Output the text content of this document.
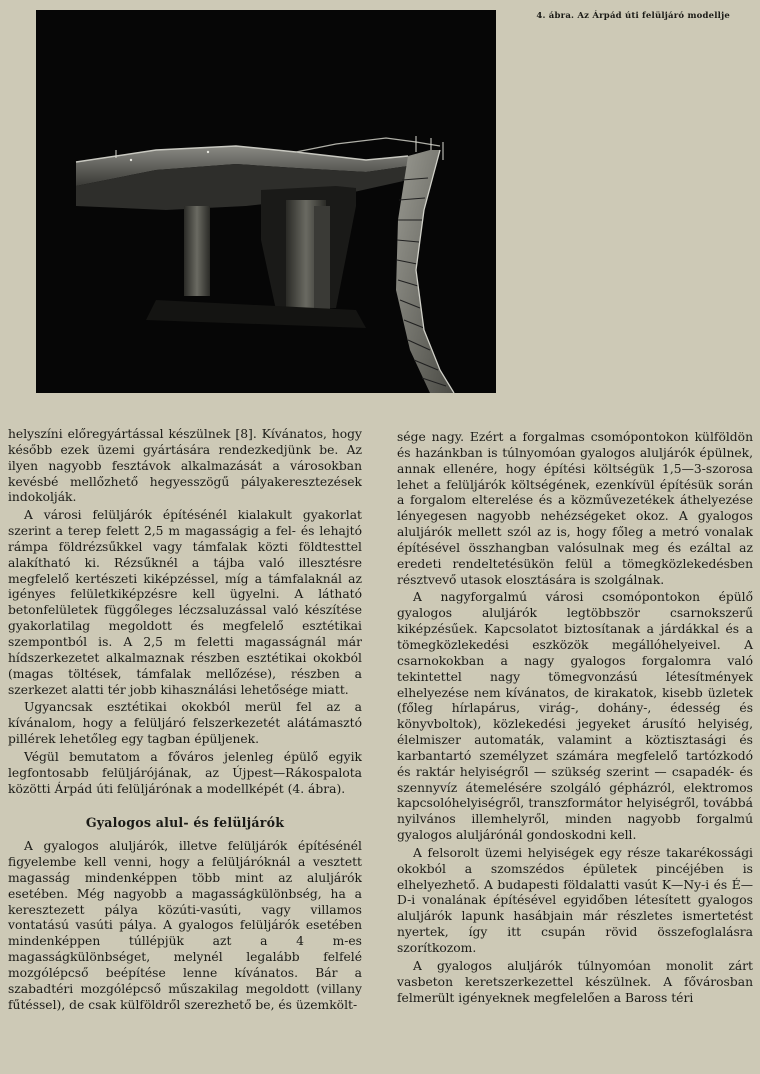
4. ábra. Az Árpád úti felüljáró modellje

helyszíni előregyártással készülnek [8]. Kívánatos, hogy később ezek üzemi gyártására rendezkedjünk be. Az ilyen nagyobb fesztávok alkalmazását a városokban kevésbé mellőzhető hegyesszögű pályakeresztezések indokolják.

A városi felüljárók építésénél kialakult gyakorlat szerint a terep felett 2,5 m magasságig a fel- és lehajtó rámpa földrézsűkkel vagy támfalak közti földtesttel alakítható ki. Rézsűknél a tájba való illesztésre megfelelő kertészeti kiképzéssel, míg a támfalaknál az igényes felületkiképzésre kell ügyelni. A látható betonfelületek függőleges léczsaluzással való készítése gyakorlatilag megoldott és megfelelő esztétikai szempontból is. A 2,5 m feletti magasságnál már hídszerkezetet alkalmaznak részben esztétikai okokból (magas töltések, támfalak mellőzése), részben a szerkezet alatti tér jobb kihasználási lehetősége miatt.

Ugyancsak esztétikai okokból merül fel az a kívánalom, hogy a felüljáró felszerkezetét alátámasztó pillérek lehetőleg egy tagban épüljenek.

Végül bemutatom a főváros jelenleg épülő egyik legfontosabb felüljárójának, az Újpest—Rákospalota közötti Árpád úti felüljárónak a modellképét (4. ábra).

Gyalogos alul- és felüljárók

A gyalogos aluljárók, illetve felüljárók építésénél figyelembe kell venni, hogy a felüljáróknál a vesztett magasság mindenképpen több mint az aluljárók esetében. Még nagyobb a magasságkülönbség, ha a keresztezett pálya közúti-vasúti, vagy villamos vontatású vasúti pálya. A gyalogos felüljárók esetében mindenképpen túllépjük azt a 4 m-es magasságkülönbséget, melynél legalább felfelé mozgólépcső beépítése lenne kívánatos. Bár a szabadtéri mozgólépcső műszakilag megoldott (villany fűtéssel), de csak külföldről szerezhető be, és üzemkölt-

sége nagy. Ezért a forgalmas csomópontokon külföldön és hazánkban is túlnyomóan gyalogos aluljárók épülnek, annak ellenére, hogy építési költségük 1,5—3-szorosa lehet a felüljárók költségének, ezenkívül építésük során a forgalom elterelése és a közművezetékek áthelyezése lényegesen nagyobb nehézségeket okoz. A gyalogos aluljárók mellett szól az is, hogy főleg a metró vonalak építésével összhangban valósulnak meg és ezáltal az eredeti rendeltetésükön felül a tömegközlekedésben résztvevő utasok elosztására is szolgálnak.

A nagyforgalmú városi csomópontokon épülő gyalogos aluljárók legtöbbször csarnokszerű kiképzésűek. Kapcsolatot biztosítanak a járdákkal és a tömegközlekedési eszközök megállóhelyeivel. A csarnokokban a nagy gyalogos forgalomra való tekintettel nagy tömegvonzású létesítmények elhelyezése nem kívánatos, de kirakatok, kisebb üzletek (főleg hírlapárus, virág-, dohány-, édesség és könyvboltok), közlekedési jegyeket árusító helyiség, élelmiszer automaták, valamint a köztisztasági és karbantartó személyzet számára megfelelő tartózkodó és raktár helyiségről — szükség szerint — csapadék- és szennyvíz átemelésére szolgáló gépházról, elektromos kapcsolóhelyiségről, transzformátor helyiségről, továbbá nyilvános illemhelyről, minden nagyobb forgalmú gyalogos aluljárónál gondoskodni kell.

A felsorolt üzemi helyiségek egy része takarékossági okokból a szomszédos épületek pincéjében is elhelyezhető. A budapesti földalatti vasút K—Ny-i és É—D-i vonalának építésével egyidőben létesített gyalogos aluljárók lapunk hasábjain már részletes ismertetést nyertek, így itt csupán rövid összefoglalásra szorítkozom.

A gyalogos aluljárók túlnyomóan monolit zárt vasbeton keretszerkezettel készülnek. A fővárosban felmerült igényeknek megfelelően a Baross téri
